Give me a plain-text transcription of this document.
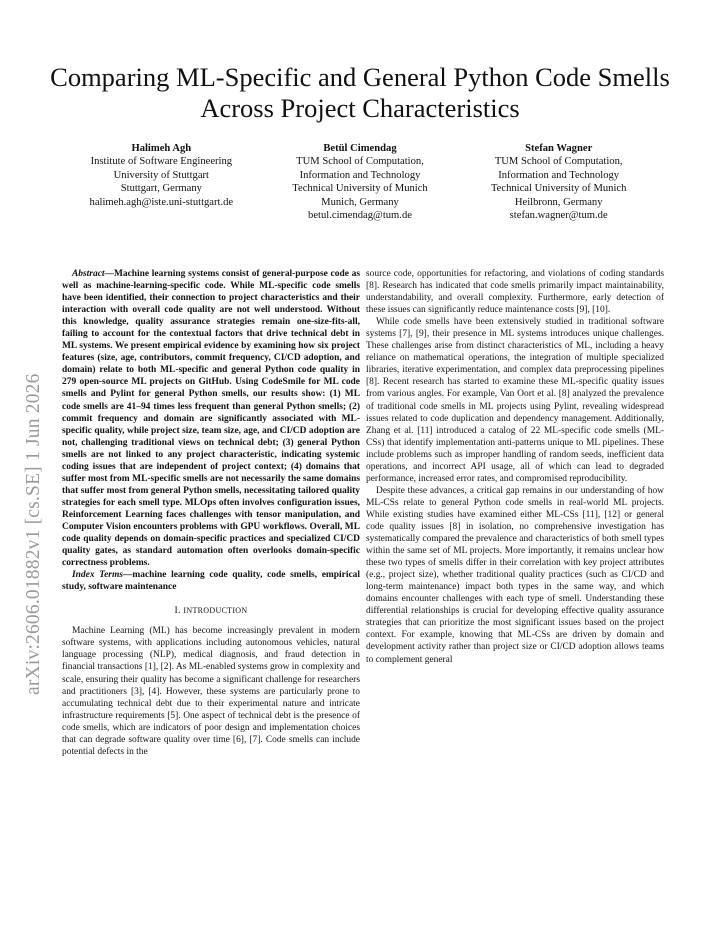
Comparing ML-Specific and General Python Code Smells Across Project Characteristics
Halimeh Agh
Institute of Software Engineering
University of Stuttgart
Stuttgart, Germany
halimeh.agh@iste.uni-stuttgart.de
Betül Cimendag
TUM School of Computation,
Information and Technology
Technical University of Munich
Munich, Germany
betul.cimendag@tum.de
Stefan Wagner
TUM School of Computation,
Information and Technology
Technical University of Munich
Heilbronn, Germany
stefan.wagner@tum.de
arXiv:2606.01882v1 [cs.SE] 1 Jun 2026
Abstract—Machine learning systems consist of general-purpose code as well as machine-learning-specific code. While ML-specific code smells have been identified, their connection to project characteristics and their interaction with overall code quality are not well understood. Without this knowledge, quality assurance strategies remain one-size-fits-all, failing to account for the contextual factors that drive technical debt in ML systems. We present empirical evidence by examining how six project features (size, age, contributors, commit frequency, CI/CD adoption, and domain) relate to both ML-specific and general Python code quality in 279 open-source ML projects on GitHub. Using CodeSmile for ML code smells and Pylint for general Python smells, our results show: (1) ML code smells are 41–94 times less frequent than general Python smells; (2) commit frequency and domain are significantly associated with ML-specific quality, while project size, team size, age, and CI/CD adoption are not, challenging traditional views on technical debt; (3) general Python smells are not linked to any project characteristic, indicating systemic coding issues that are independent of project context; (4) domains that suffer most from ML-specific smells are not necessarily the same domains that suffer most from general Python smells, necessitating tailored quality strategies for each smell type. MLOps often involves configuration issues, Reinforcement Learning faces challenges with tensor manipulation, and Computer Vision encounters problems with GPU workflows. Overall, ML code quality depends on domain-specific practices and specialized CI/CD quality gates, as standard automation often overlooks domain-specific correctness problems.
Index Terms—machine learning code quality, code smells, empirical study, software maintenance
I. INTRODUCTION

Machine Learning (ML) has become increasingly prevalent in modern software systems, with applications including autonomous vehicles, natural language processing (NLP), medical diagnosis, and fraud detection in financial transactions [1], [2]. As ML-enabled systems grow in complexity and scale, ensuring their quality has become a significant challenge for researchers and practitioners [3], [4]. However, these systems are particularly prone to accumulating technical debt due to their experimental nature and intricate infrastructure requirements [5]. One aspect of technical debt is the presence of code smells, which are indicators of poor design and implementation choices that can degrade software quality over time [6], [7]. Code smells can include potential defects in the

source code, opportunities for refactoring, and violations of coding standards [8]. Research has indicated that code smells primarily impact maintainability, understandability, and overall complexity. Furthermore, early detection of these issues can significantly reduce maintenance costs [9], [10].

While code smells have been extensively studied in traditional software systems [7], [9], their presence in ML systems introduces unique challenges. These challenges arise from distinct characteristics of ML, including a heavy reliance on mathematical operations, the integration of multiple specialized libraries, iterative experimentation, and complex data preprocessing pipelines [8]. Recent research has started to examine these ML-specific quality issues from various angles. For example, Van Oort et al. [8] analyzed the prevalence of traditional code smells in ML projects using Pylint, revealing widespread issues related to code duplication and dependency management. Additionally, Zhang et al. [11] introduced a catalog of 22 ML-specific code smells (ML-CSs) that identify implementation anti-patterns unique to ML pipelines. These include problems such as improper handling of random seeds, inefficient data operations, and incorrect API usage, all of which can lead to degraded performance, increased error rates, and compromised reproducibility.

Despite these advances, a critical gap remains in our understanding of how ML-CSs relate to general Python code smells in real-world ML projects. While existing studies have examined either ML-CSs [11], [12] or general code quality issues [8] in isolation, no comprehensive investigation has systematically compared the prevalence and characteristics of both smell types within the same set of ML projects. More importantly, it remains unclear how these two types of smells differ in their correlation with key project attributes (e.g., project size), whether traditional quality practices (such as CI/CD and long-term maintenance) impact both types in the same way, and which domains encounter challenges with each type of smell. Understanding these differential relationships is crucial for developing effective quality assurance strategies that can prioritize the most significant issues based on the project context. For example, knowing that ML-CSs are driven by domain and development activity rather than project size or CI/CD adoption allows teams to complement general
